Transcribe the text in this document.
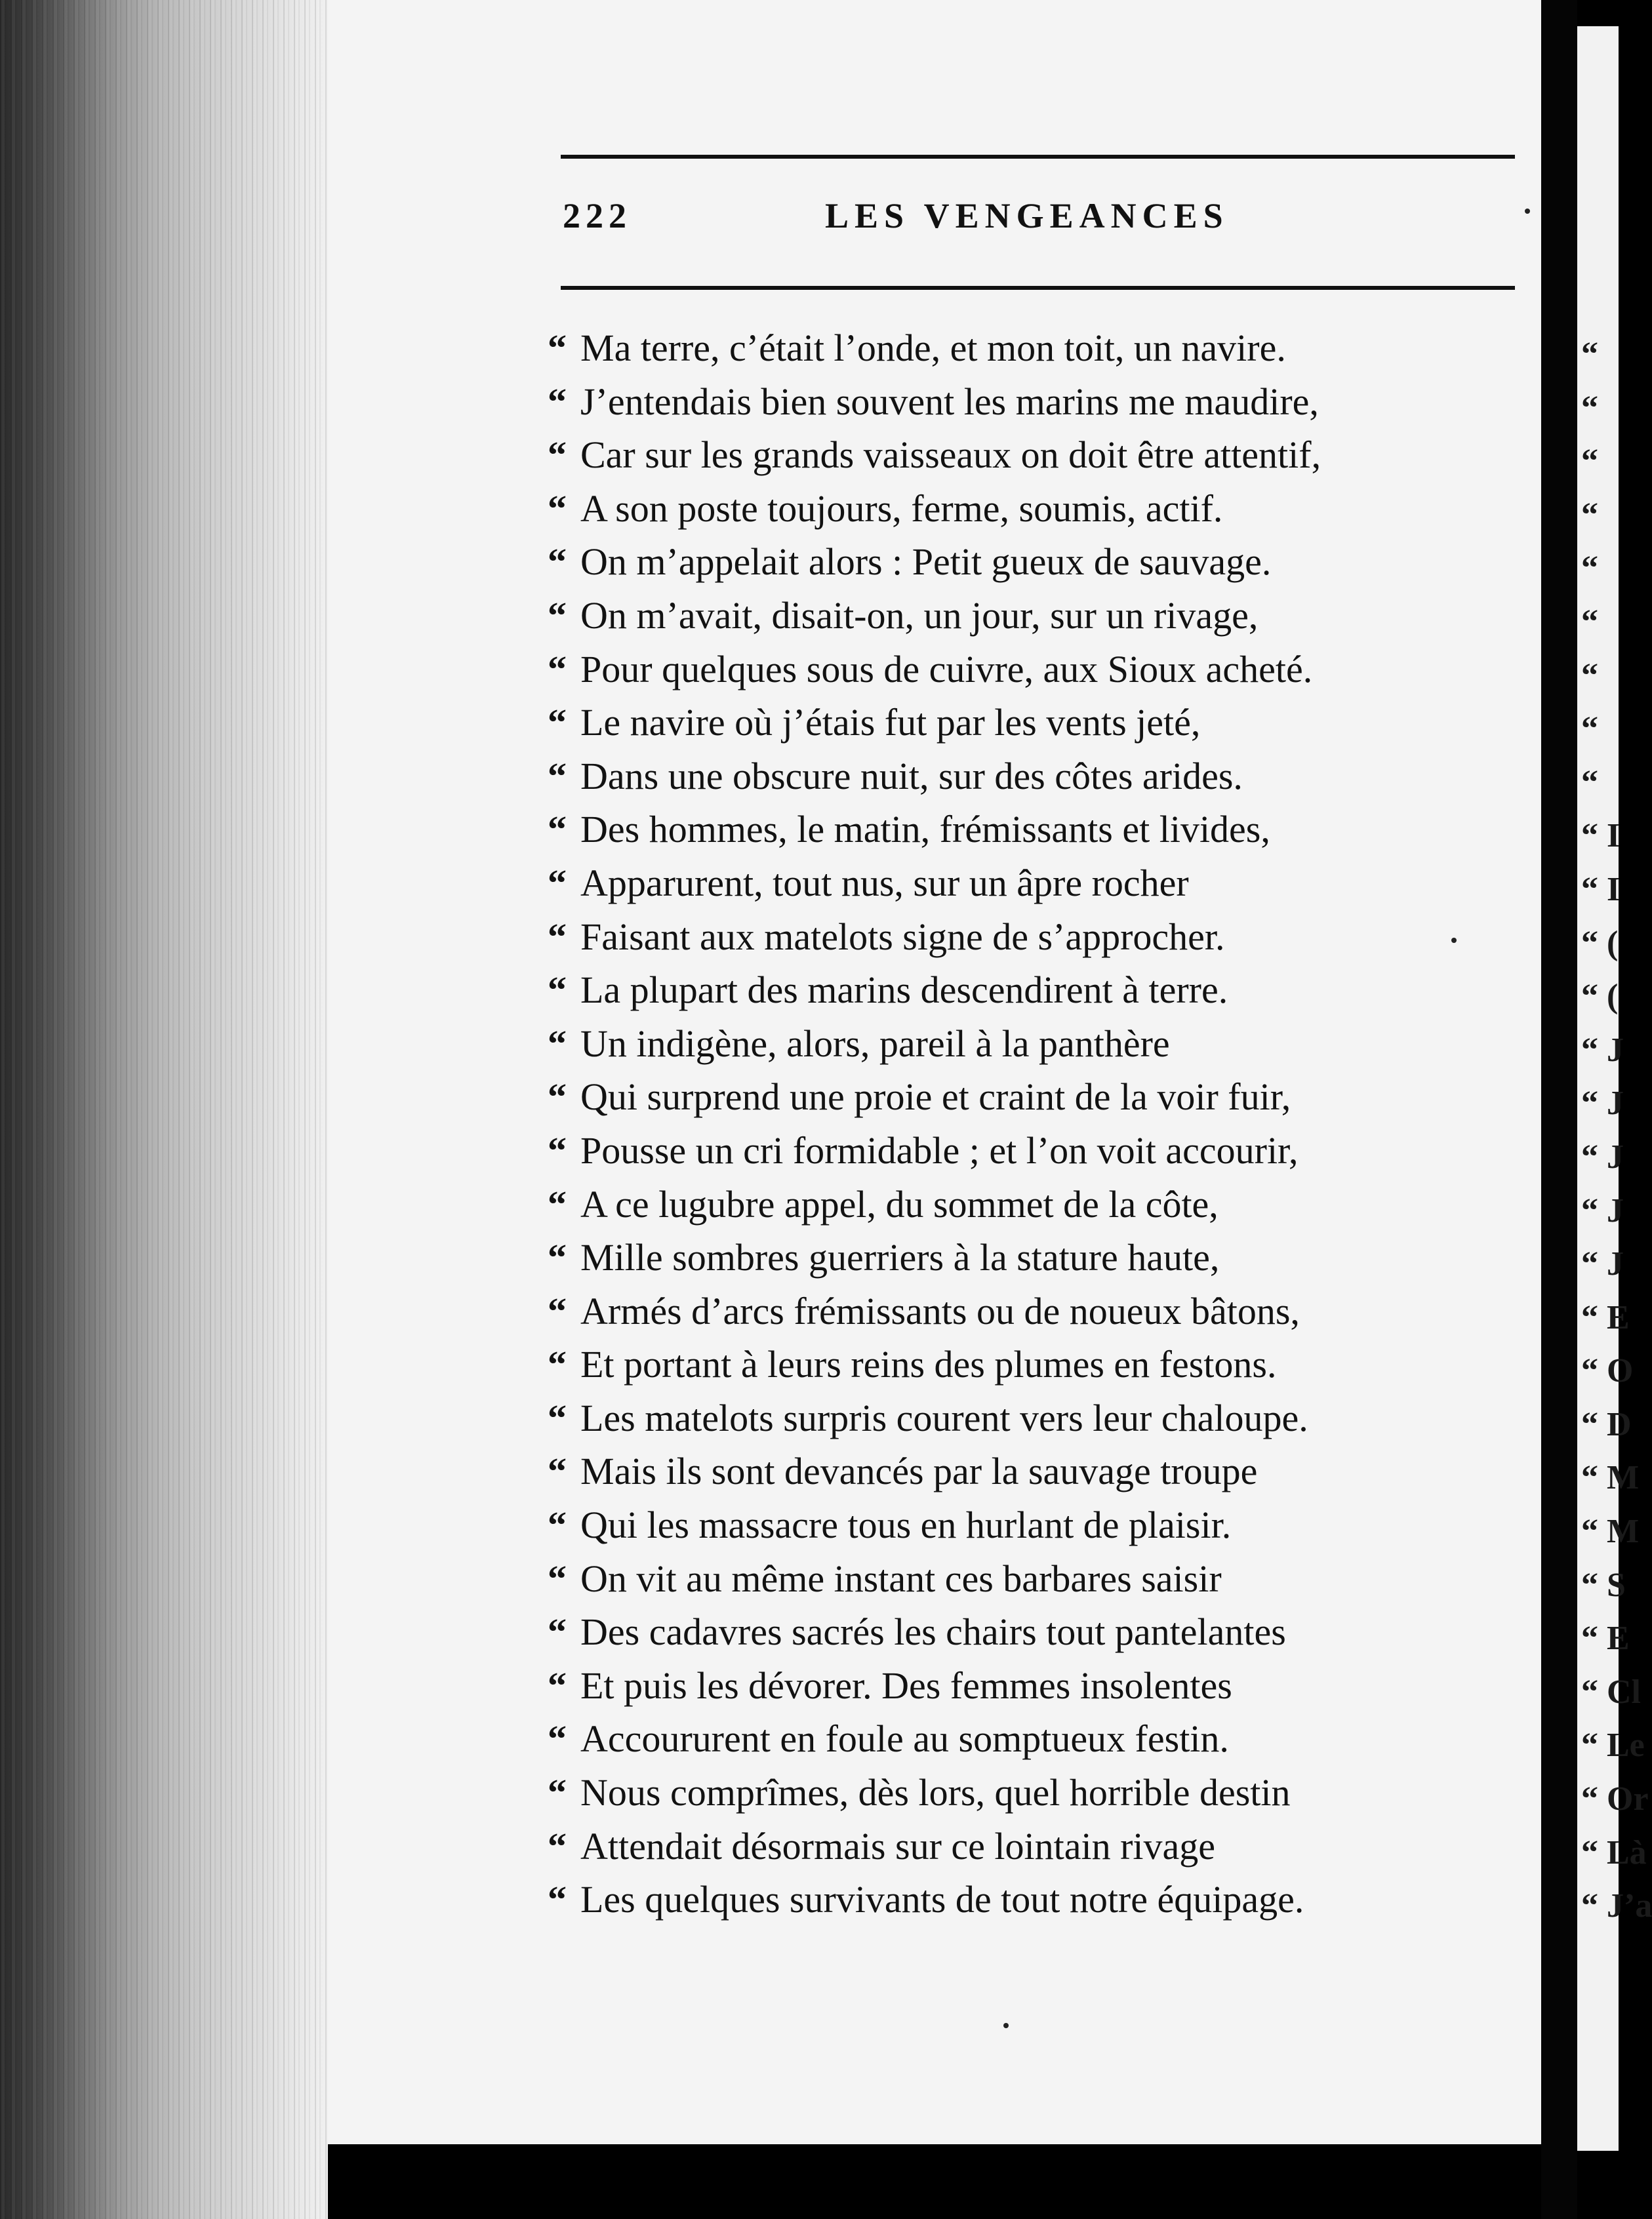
“
“
“
“
“
“
“
“
“
“ I
“ I
“ (
“ (
“ J
“ J
“ J
“ J
“ J
“ E
“ O
“ D
“ M
“ M
“ S
“ E
“ Cl
“ Le
“ Or
“ Là
“ J’a
222	LES VENGEANCES
“ Ma terre, c’était l’onde, et mon toit, un navire.
“ J’entendais bien souvent les marins me maudire,
“ Car sur les grands vaisseaux on doit être attentif,
“ A son poste toujours, ferme, soumis, actif.
“ On m’appelait alors : Petit gueux de sauvage.
“ On m’avait, disait-on, un jour, sur un rivage,
“ Pour quelques sous de cuivre, aux Sioux acheté.
“ Le navire où j’étais fut par les vents jeté,
“ Dans une obscure nuit, sur des côtes arides.
“ Des hommes, le matin, frémissants et livides,
“ Apparurent, tout nus, sur un âpre rocher
“ Faisant aux matelots signe de s’approcher.
“ La plupart des marins descendirent à terre.
“ Un indigène, alors, pareil à la panthère
“ Qui surprend une proie et craint de la voir fuir,
“ Pousse un cri formidable ; et l’on voit accourir,
“ A ce lugubre appel, du sommet de la côte,
“ Mille sombres guerriers à la stature haute,
“ Armés d’arcs frémissants ou de noueux bâtons,
“ Et portant à leurs reins des plumes en festons.
“ Les matelots surpris courent vers leur chaloupe.
“ Mais ils sont devancés par la sauvage troupe
“ Qui les massacre tous en hurlant de plaisir.
“ On vit au même instant ces barbares saisir
“ Des cadavres sacrés les chairs tout pantelantes
“ Et puis les dévorer. Des femmes insolentes
“ Accoururent en foule au somptueux festin.
“ Nous comprîmes, dès lors, quel horrible destin
“ Attendait désormais sur ce lointain rivage
“ Les quelques survivants de tout notre équipage.
